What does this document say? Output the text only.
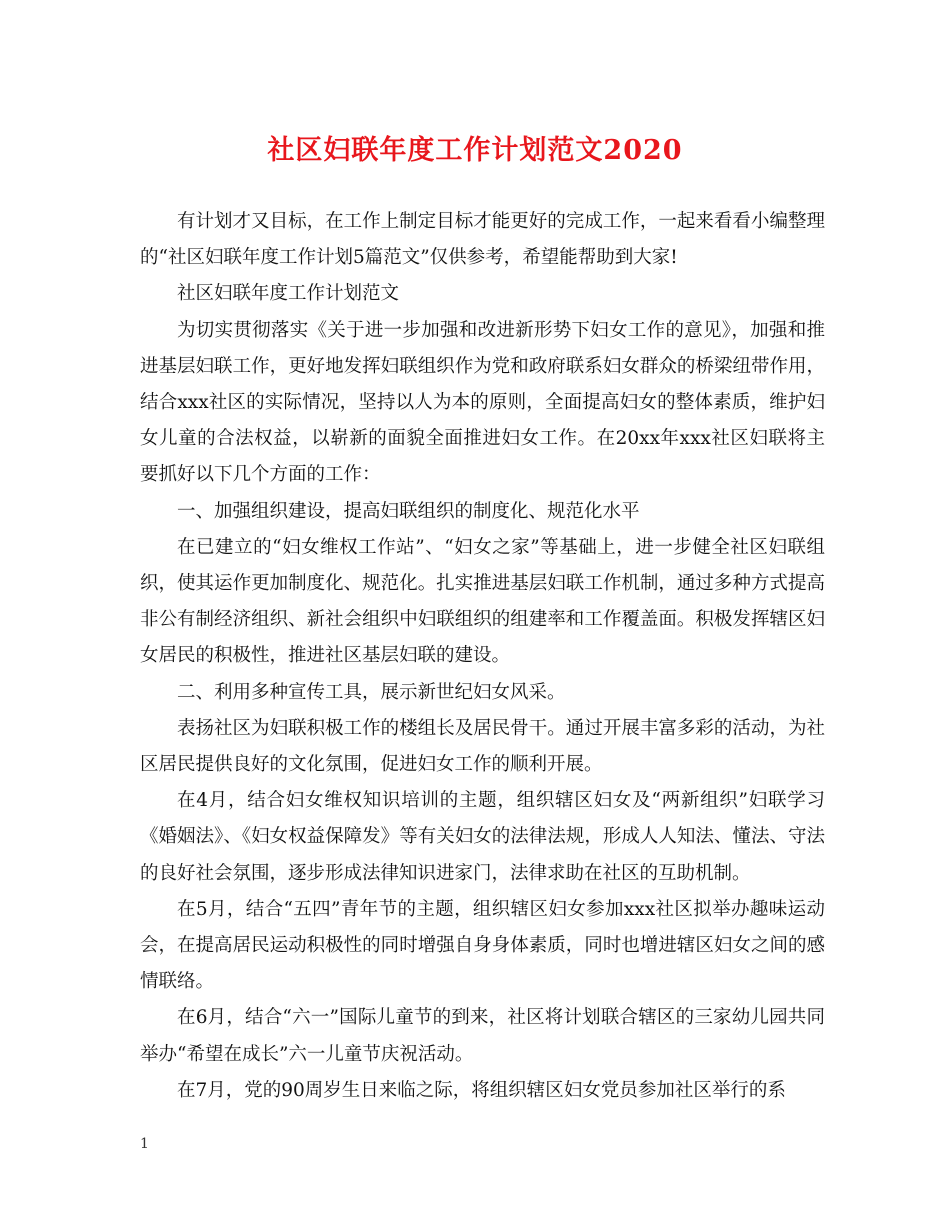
社区妇联年度工作计划范文2020

有计划才又目标，在工作上制定目标才能更好的完成工作，一起来看看小编整理的“社区妇联年度工作计划5篇范文”仅供参考，希望能帮助到大家!

社区妇联年度工作计划范文

为切实贯彻落实《关于进一步加强和改进新形势下妇女工作的意见》，加强和推进基层妇联工作，更好地发挥妇联组织作为党和政府联系妇女群众的桥梁纽带作用，结合xxx社区的实际情况，坚持以人为本的原则，全面提高妇女的整体素质，维护妇女儿童的合法权益，以崭新的面貌全面推进妇女工作。在20xx年xxx社区妇联将主要抓好以下几个方面的工作：

一、加强组织建设，提高妇联组织的制度化、规范化水平

在已建立的“妇女维权工作站”、“妇女之家”等基础上，进一步健全社区妇联组织，使其运作更加制度化、规范化。扎实推进基层妇联工作机制，通过多种方式提高非公有制经济组织、新社会组织中妇联组织的组建率和工作覆盖面。积极发挥辖区妇女居民的积极性，推进社区基层妇联的建设。

二、利用多种宣传工具，展示新世纪妇女风采。

表扬社区为妇联积极工作的楼组长及居民骨干。通过开展丰富多彩的活动，为社区居民提供良好的文化氛围，促进妇女工作的顺利开展。

在4月，结合妇女维权知识培训的主题，组织辖区妇女及“两新组织”妇联学习《婚姻法》、《妇女权益保障发》等有关妇女的法律法规，形成人人知法、懂法、守法的良好社会氛围，逐步形成法律知识进家门，法律求助在社区的互助机制。

在5月，结合“五四”青年节的主题，组织辖区妇女参加xxx社区拟举办趣味运动会，在提高居民运动积极性的同时增强自身身体素质，同时也增进辖区妇女之间的感情联络。

在6月，结合“六一”国际儿童节的到来，社区将计划联合辖区的三家幼儿园共同举办“希望在成长”六一儿童节庆祝活动。

在7月，党的90周岁生日来临之际，将组织辖区妇女党员参加社区举行的系

1
